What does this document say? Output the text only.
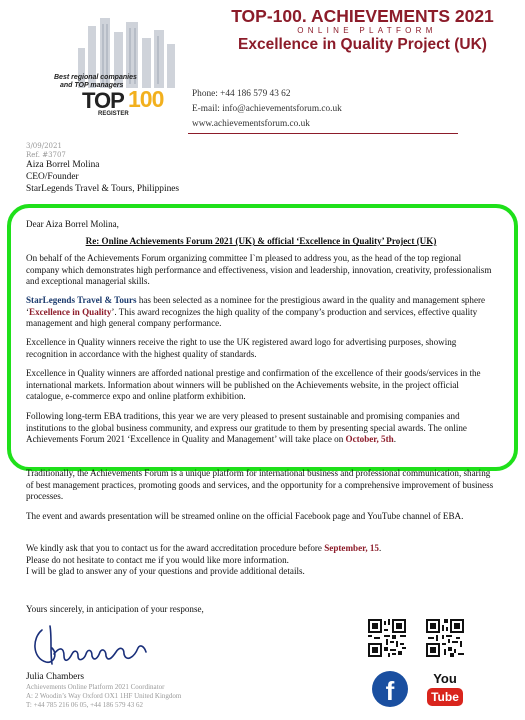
Best regional companies
and TOP managers
TOP 100
REGISTER
TOP-100. ACHIEVEMENTS 2021
ONLINE PLATFORM
Excellence in Quality Project (UK)
Phone: +44 186 579 43 62
E-mail: info@achievementsforum.co.uk
www.achievementsforum.co.uk
3/09/2021
Ref. #3707
Aiza Borrel Molina
CEO/Founder
StarLegends Travel & Tours, Philippines
Dear Aiza Borrel Molina,
Re: Online Achievements Forum 2021 (UK) & official ‘Excellence in Quality’ Project (UK)
On behalf of the Achievements Forum organizing committee I`m pleased to address you, as the head of the top regional company which demonstrates high performance and effectiveness, vision and leadership, innovation, creativity, professionalism and exceptional managerial skills.
StarLegends Travel & Tours has been selected as a nominee for the prestigious award in the quality and management sphere ‘Excellence in Quality’. This award recognizes the high quality of the company’s production and services, effective quality management and high general company performance.
Excellence in Quality winners receive the right to use the UK registered award logo for advertising purposes, showing recognition in accordance with the highest quality of standards.
Excellence in Quality winners are afforded national prestige and confirmation of the excellence of their goods/services in the international markets. Information about winners will be published on the Achievements website, in the project official catalogue, e-commerce expo and online platform exhibition.
Following long-term EBA traditions, this year we are very pleased to present sustainable and promising companies and institutions to the global business community, and express our gratitude to them by presenting special awards. The online Achievements Forum 2021 ‘Excellence in Quality and Management’ will take place on October, 5th.
Traditionally, the Achievements Forum is a unique platform for international business and professional communication, sharing of best management practices, promoting goods and services, and the opportunity for a comprehensive improvement of business processes.
The event and awards presentation will be streamed online on the official Facebook page and YouTube channel of EBA.
We kindly ask that you to contact us for the award accreditation procedure before September, 15.
Please do not hesitate to contact me if you would like more information.
I will be glad to answer any of your questions and provide additional details.
Yours sincerely, in anticipation of your response,
Julia Chambers
Achievements Online Platform 2021 Coordinator
A: 2 Woodin’s Way Oxford OX1 1HF United Kingdom
T: +44 785 216 06 05, +44 186 579 43 62	f	You
Tube
